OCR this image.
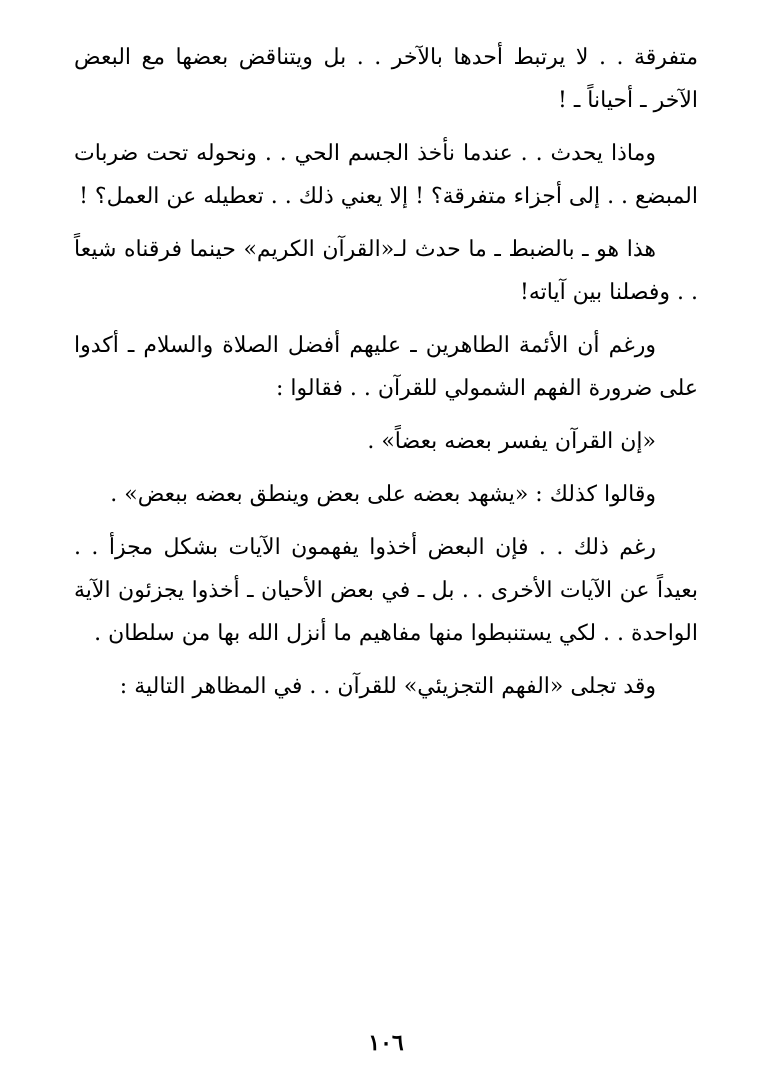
متفرقة . . لا يرتبط أحدها بالآخر . . بل ويتناقض بعضها مع البعض الآخر ـ أحياناً ـ !

وماذا يحدث . . عندما نأخذ الجسم الحي . . ونحوله تحت ضربات المبضع . . إلى أجزاء متفرقة؟ ! إلا يعني ذلك . . تعطيله عن العمل؟ !

هذا هو ـ بالضبط ـ ما حدث لـ«القرآن الكريم» حينما فرقناه شيعاً . . وفصلنا بين آياته!

ورغم أن الأئمة الطاهرين ـ عليهم أفضل الصلاة والسلام ـ أكدوا على ضرورة الفهم الشمولي للقرآن . . فقالوا :

«إن القرآن يفسر بعضه بعضاً» .

وقالوا كذلك : «يشهد بعضه على بعض وينطق بعضه ببعض» .

رغم ذلك . . فإن البعض أخذوا يفهمون الآيات بشكل مجزأ . . بعيداً عن الآيات الأخرى . . بل ـ في بعض الأحيان ـ أخذوا يجزئون الآية الواحدة . . لكي يستنبطوا منها مفاهيم ما أنزل الله بها من سلطان .

وقد تجلى «الفهم التجزيئي» للقرآن . . في المظاهر التالية :

١٠٦
